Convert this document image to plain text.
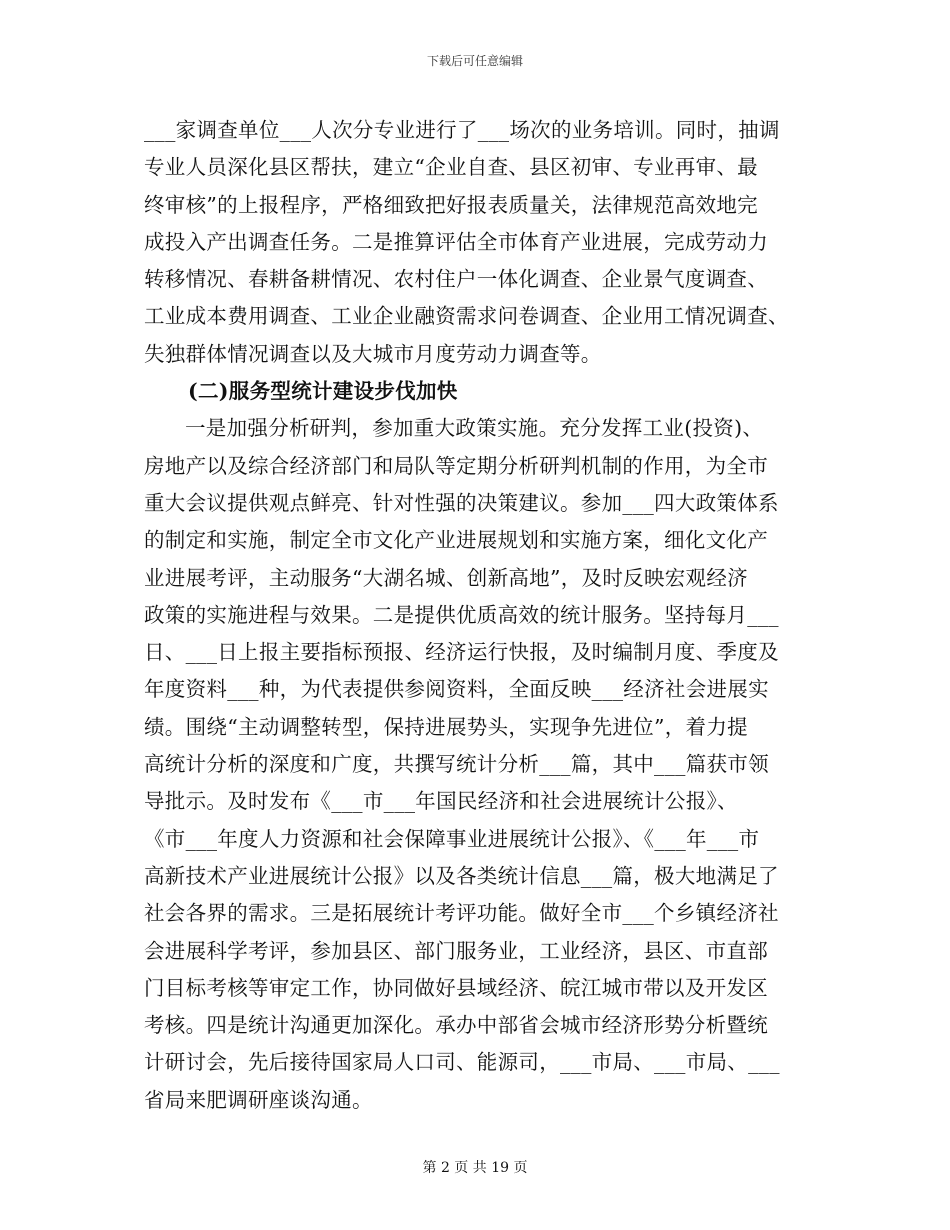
下载后可任意编辑

___家调查单位___人次分专业进行了___场次的业务培训。同时，抽调

专业人员深化县区帮扶，建立“企业自查、县区初审、专业再审、最

终审核”的上报程序，严格细致把好报表质量关，法律规范高效地完

成投入产出调查任务。二是推算评估全市体育产业进展，完成劳动力

转移情况、春耕备耕情况、农村住户一体化调查、企业景气度调查、

工业成本费用调查、工业企业融资需求问卷调查、企业用工情况调查、

失独群体情况调查以及大城市月度劳动力调查等。

(二)服务型统计建设步伐加快

一是加强分析研判，参加重大政策实施。充分发挥工业(投资)、

房地产以及综合经济部门和局队等定期分析研判机制的作用，为全市

重大会议提供观点鲜亮、针对性强的决策建议。参加___四大政策体系

的制定和实施，制定全市文化产业进展规划和实施方案，细化文化产

业进展考评，主动服务“大湖名城、创新高地”，及时反映宏观经济

政策的实施进程与效果。二是提供优质高效的统计服务。坚持每月___

日、___日上报主要指标预报、经济运行快报，及时编制月度、季度及

年度资料___种，为代表提供参阅资料，全面反映___经济社会进展实

绩。围绕“主动调整转型，保持进展势头，实现争先进位”，着力提

高统计分析的深度和广度，共撰写统计分析___篇，其中___篇获市领

导批示。及时发布《___市___年国民经济和社会进展统计公报》、

《市___年度人力资源和社会保障事业进展统计公报》、《___年___市

高新技术产业进展统计公报》以及各类统计信息___篇，极大地满足了

社会各界的需求。三是拓展统计考评功能。做好全市___个乡镇经济社

会进展科学考评，参加县区、部门服务业，工业经济，县区、市直部

门目标考核等审定工作，协同做好县域经济、皖江城市带以及开发区

考核。四是统计沟通更加深化。承办中部省会城市经济形势分析暨统

计研讨会，先后接待国家局人口司、能源司，___市局、___市局、___

省局来肥调研座谈沟通。

第 2 页 共 19 页
